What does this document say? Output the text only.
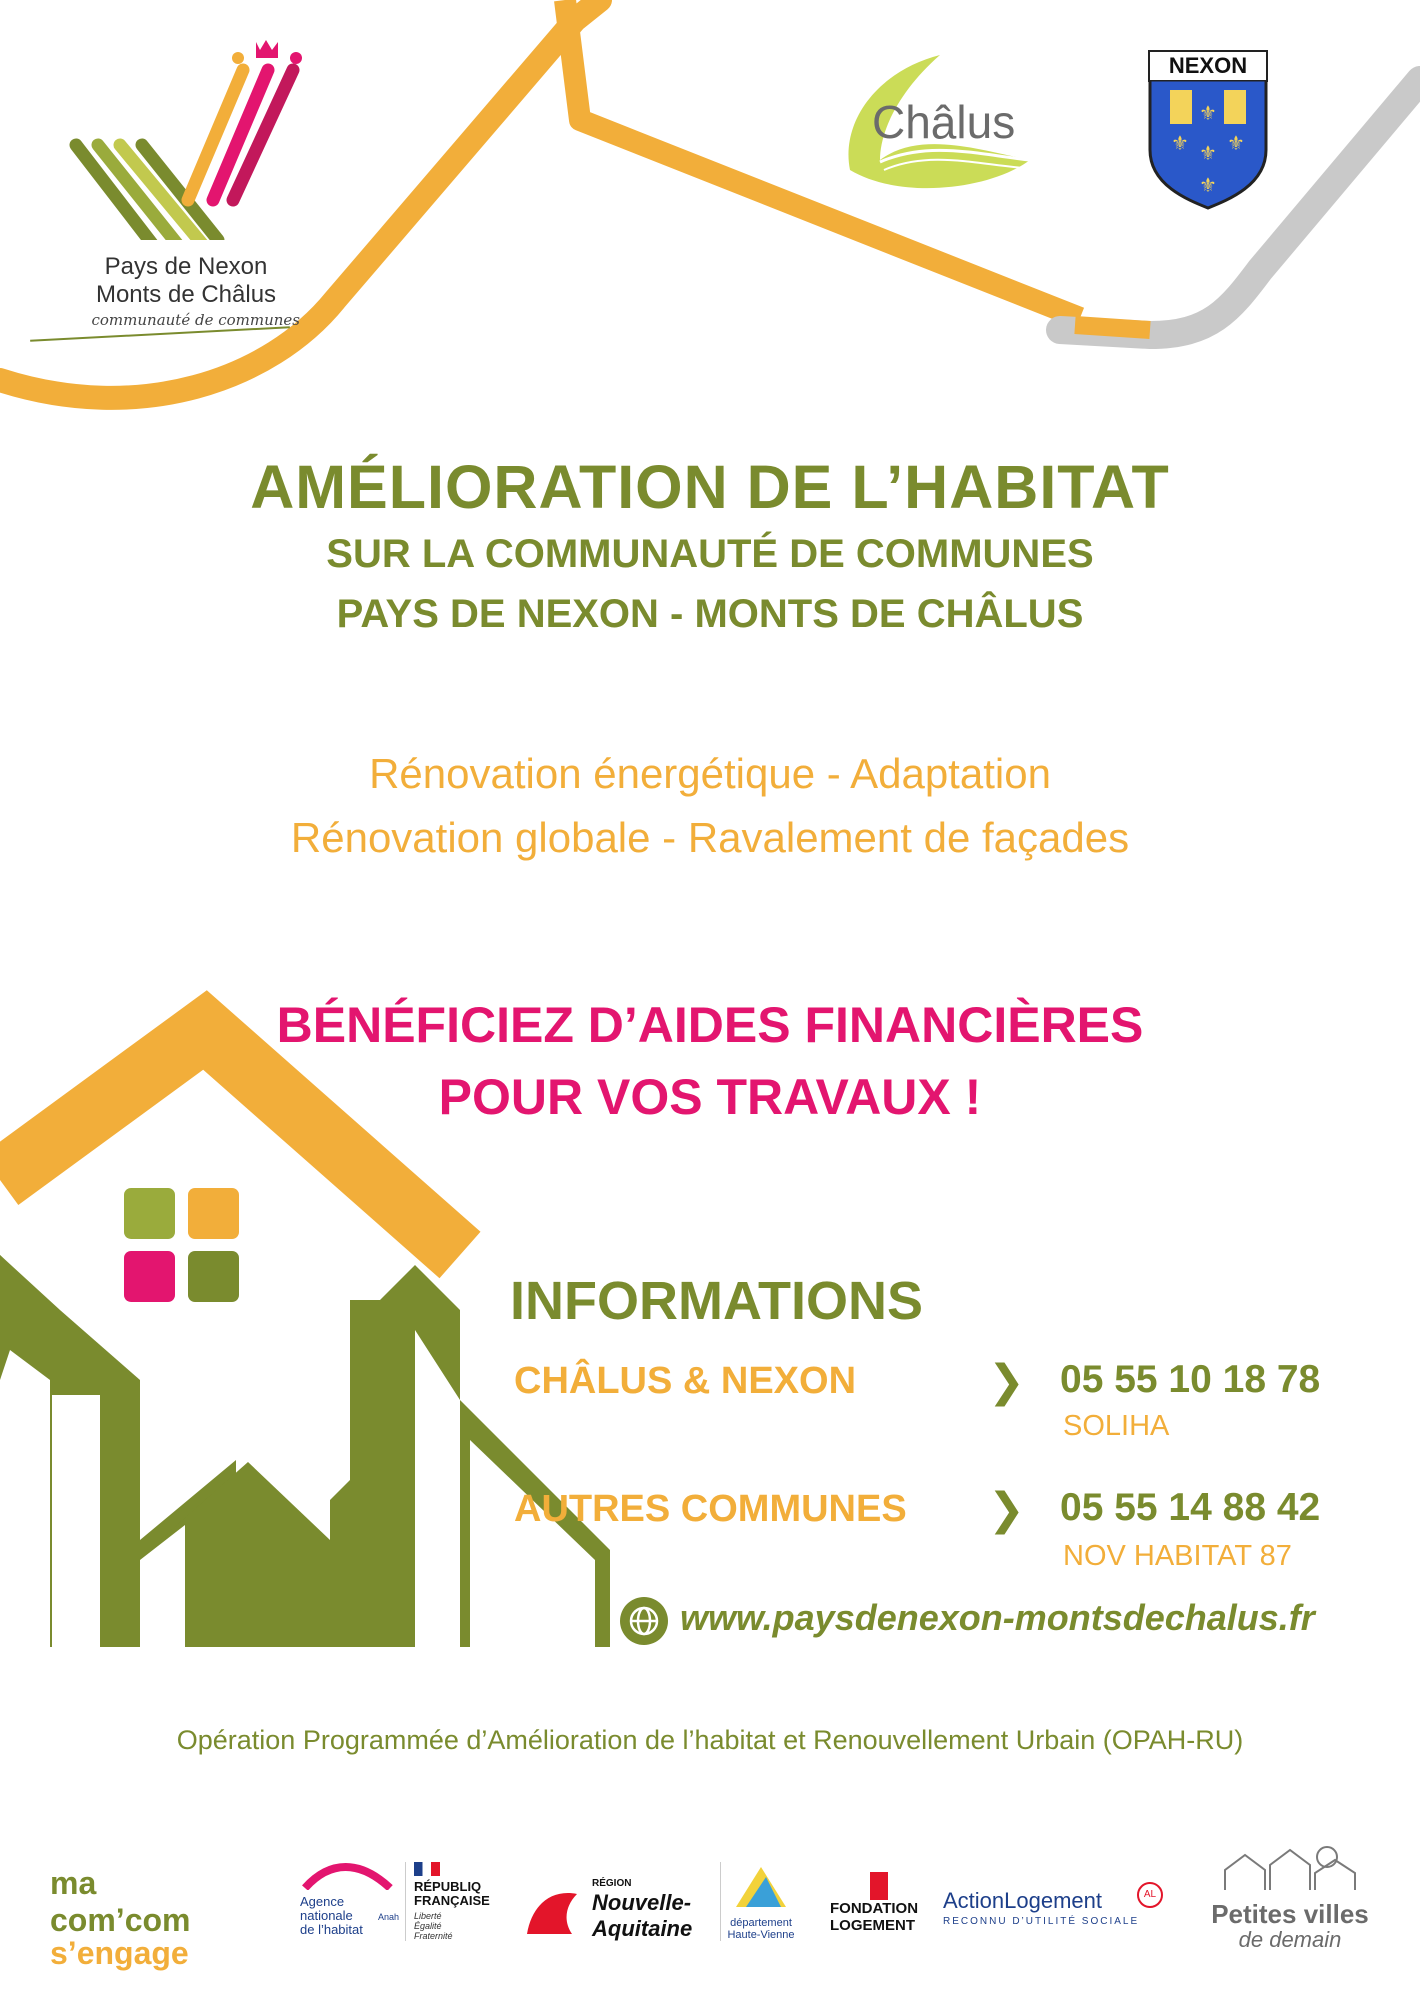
Pays de Nexon
Monts de Châlus
communauté de communes
Châlus
NEXON
⚜
⚜
⚜ ⚜
⚜
AMÉLIORATION DE L’HABITAT
SUR LA COMMUNAUTÉ DE COMMUNES
PAYS DE NEXON - MONTS DE CHÂLUS
Rénovation énergétique - Adaptation
Rénovation globale - Ravalement de façades
BÉNÉFICIEZ D’AIDES FINANCIÈRES
POUR VOS TRAVAUX !
INFORMATIONS
CHÂLUS & NEXON	❯ 05 55 10 18 78
SOLIHA
AUTRES COMMUNES ❯ 05 55 14 88 42
NOV HABITAT 87
www.paysdenexon-montsdechalus.fr
Opération Programmée d’Amélioration de l’habitat et Renouvellement Urbain (OPAH-RU)
ma com’com
s’engage
Agence
nationale
de l’habitat
Anah
RÉPUBLIQ
FRANÇAISE
Liberté
Égalité
Fraternité
RÉGION
Nouvelle-
Aquitaine	département
Haute-Vienne
FONDATION
LOGEMENT
ActionLogement
RECONNU D’UTILITÉ SOCIALE
AL
Petites villes
de demain
